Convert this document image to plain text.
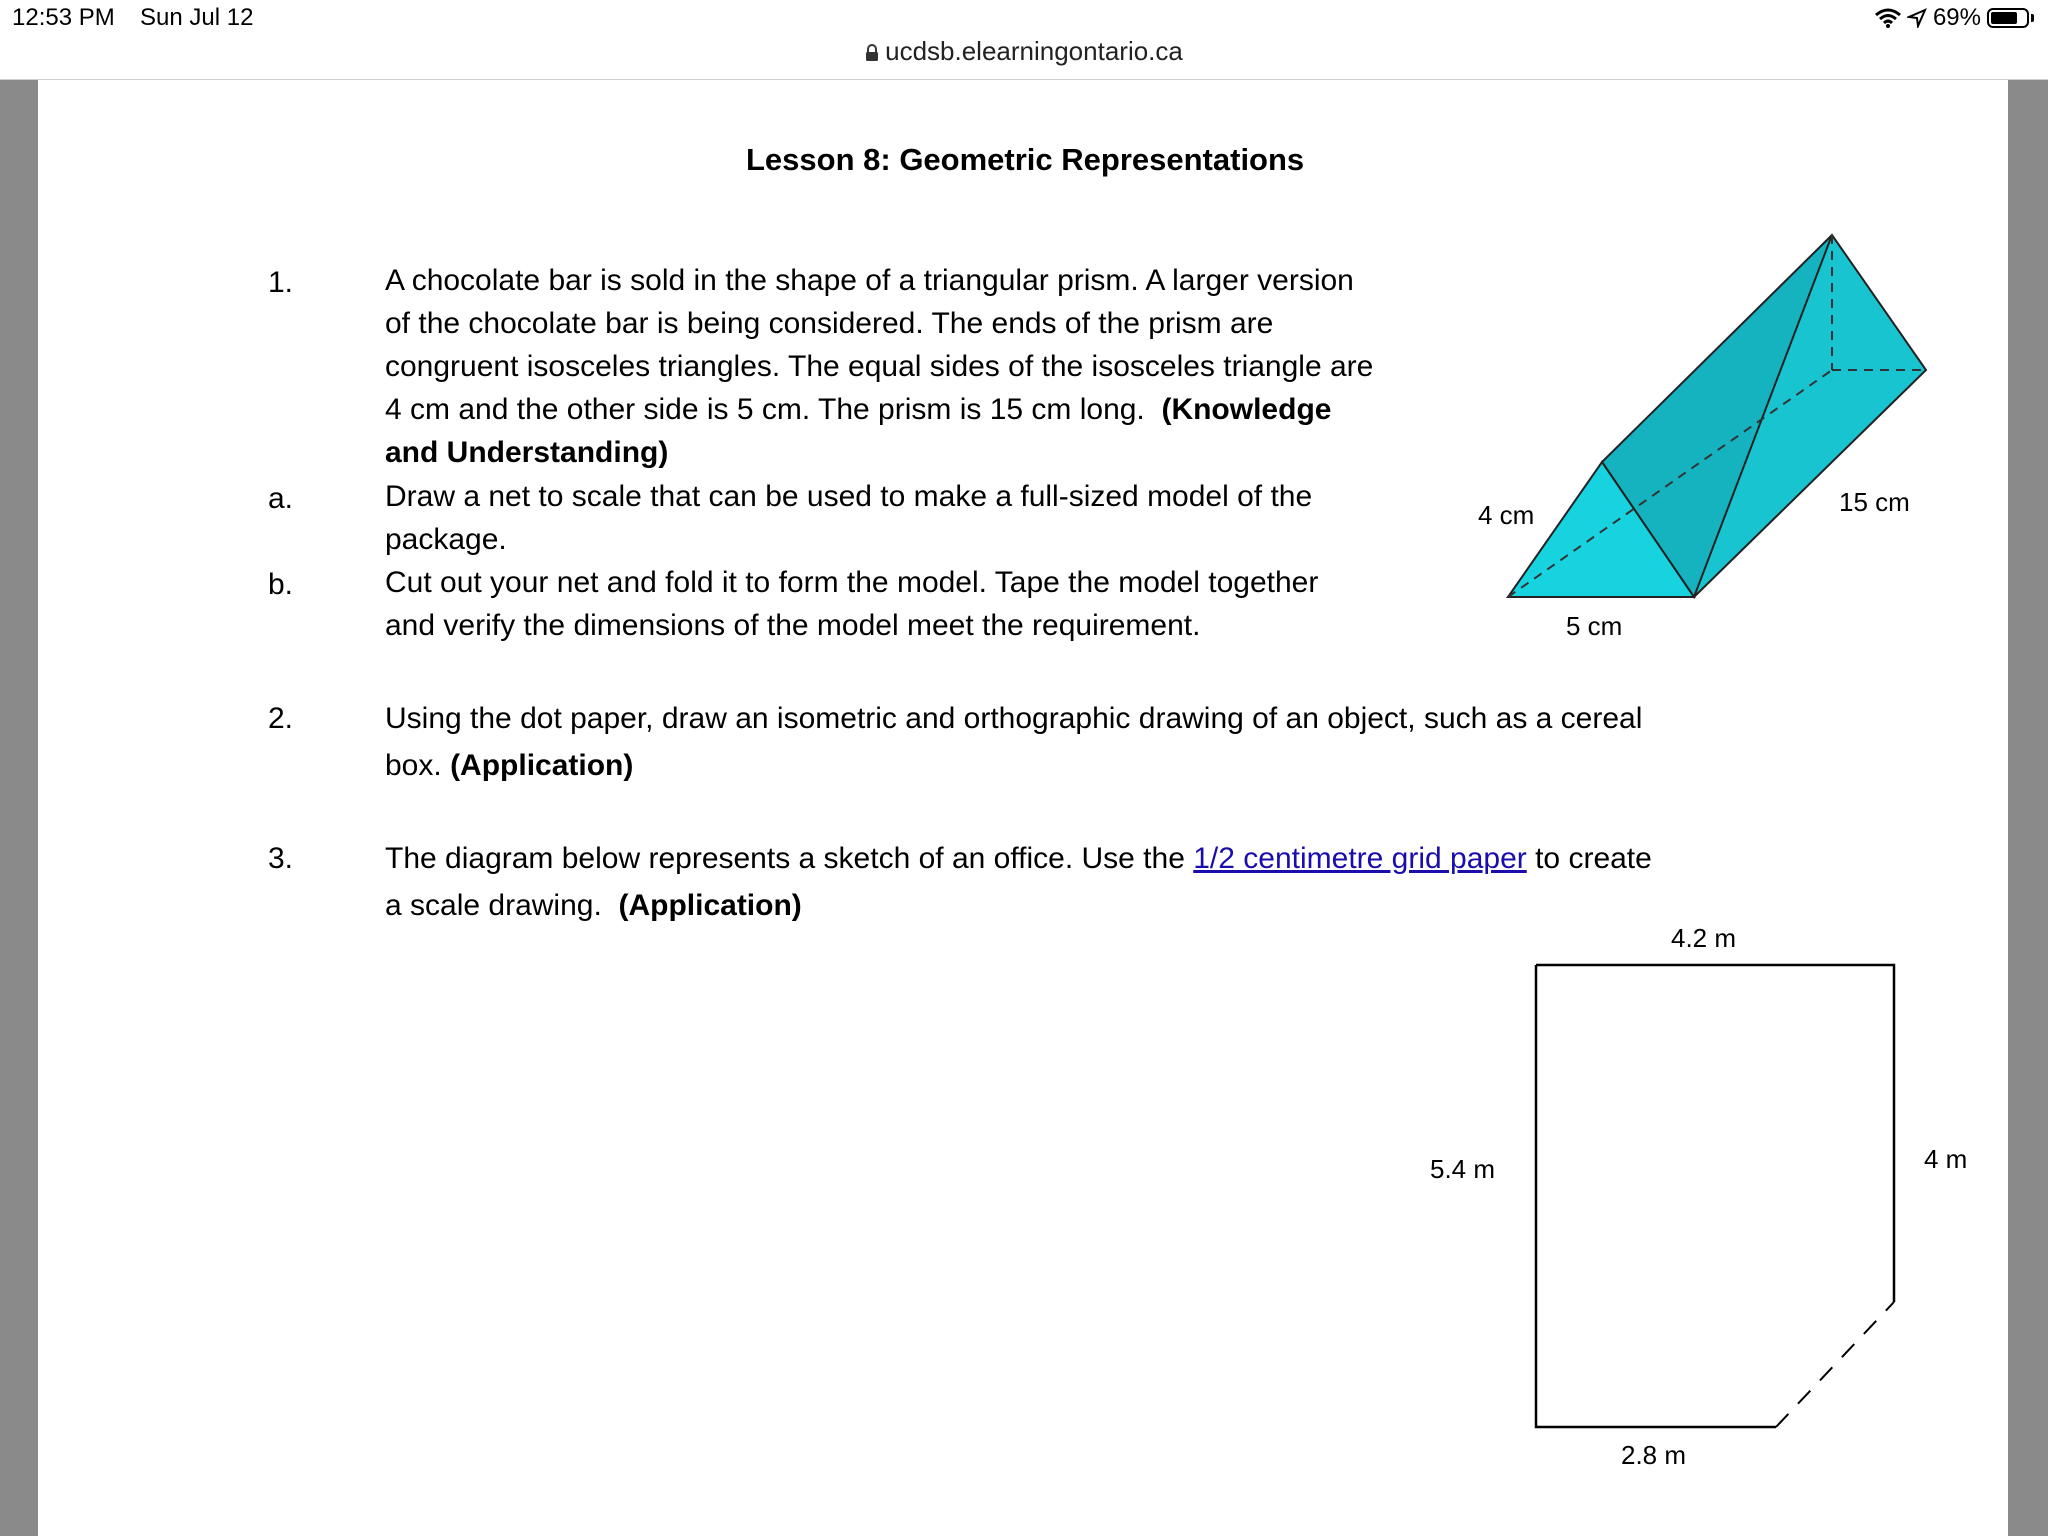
12:53 PM Sun Jul 12	69%
ucdsb.elearningontario.ca
Lesson 8: Geometric Representations
1.	A chocolate bar is sold in the shape of a triangular prism. A larger version
of the chocolate bar is being considered. The ends of the prism are
congruent isosceles triangles. The equal sides of the isosceles triangle are
4 cm and the other side is 5 cm. The prism is 15 cm long. (Knowledge
and Understanding)
a.	Draw a net to scale that can be used to make a full-sized model of the
package.
b.	Cut out your net and fold it to form the model. Tape the model together
and verify the dimensions of the model meet the requirement.
2.	Using the dot paper, draw an isometric and orthographic drawing of an object, such as a cereal
box. (Application)
3.	The diagram below represents a sketch of an office. Use the 1/2 centimetre grid paper to create
a scale drawing. (Application)
4 cm
5 cm
15 cm
4.2 m
5.4 m	4 m
2.8 m
